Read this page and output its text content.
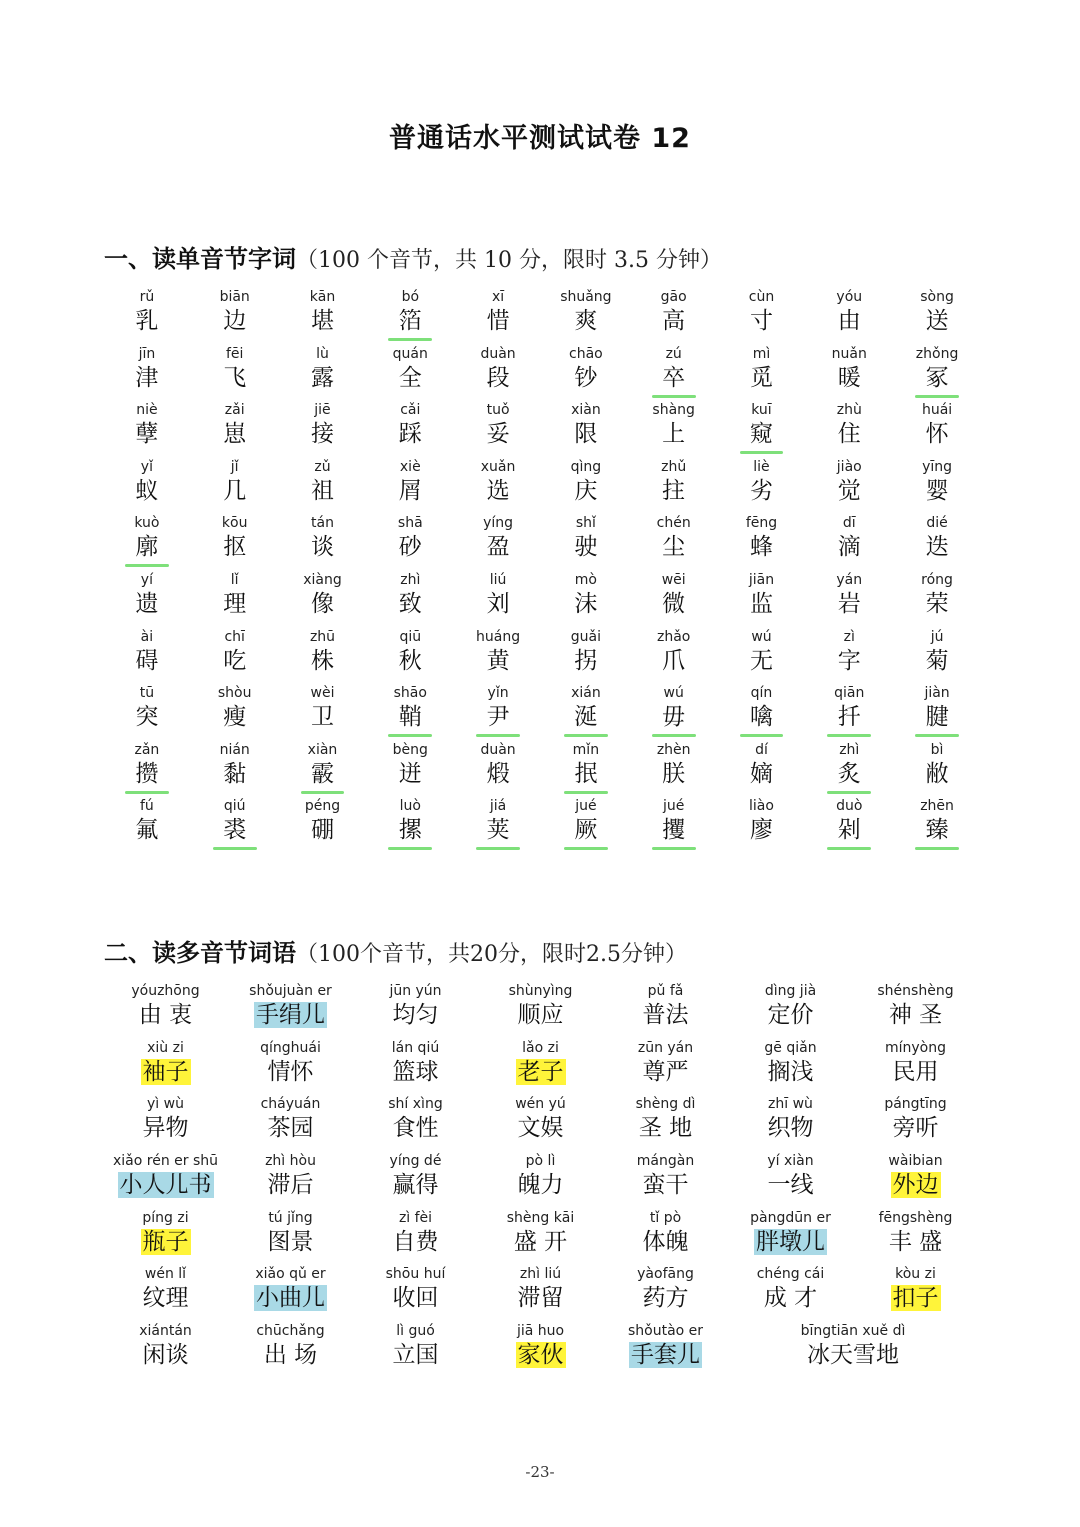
普通话水平测试试卷 12
一、读单音节字词（100 个音节，共 10 分，限时 3.5 分钟）
rǔ
乳
biān
边
kān
堪
bó
箔
xī
惜
shuǎng
爽
gāo
高
cùn
寸
yóu
由
sòng
送
jīn
津
fēi
飞
lù
露
quán
全
duàn
段
chāo
钞
zú
卒
mì
觅
nuǎn
暖
zhǒng
冢
niè
孽
zǎi
崽
jiē
接
cǎi
踩
tuǒ
妥
xiàn
限
shàng
上
kuī
窥
zhù
住
huái
怀
yǐ
蚁
jǐ
几
zǔ
祖
xiè
屑
xuǎn
选
qìng
庆
zhǔ
拄
liè
劣
jiào
觉
yīng
婴
kuò
廓
kōu
抠
tán
谈
shā
砂
yíng
盈
shǐ
驶
chén
尘
fēng
蜂
dī
滴
dié
迭
yí
遗
lǐ
理
xiàng
像
zhì
致
liú
刘
mò
沫
wēi
微
jiān
监
yán
岩
róng
荣
ài
碍
chī
吃
zhū
株
qiū
秋
huáng
黄
guǎi
拐
zhǎo
爪
wú
无
zì
字
jú
菊
tū
突
shòu
瘦
wèi
卫
shāo
鞘
yǐn
尹
xián
涎
wú
毋
qín
噙
qiān
扦
jiàn
腱
zǎn
攒
nián
黏
xiàn
霰
bèng
迸
duàn
煅
mǐn
抿
zhèn
朕
dí
嫡
zhì
炙
bì
敝
fú
氟
qiú
裘
péng
硼
luò
摞
jiá
荚
jué
厥
jué
攫
liào
廖
duò
剁
zhēn
臻
二、读多音节词语（100个音节，共20分，限时2.5分钟）
yóuzhōng
由 衷
shǒujuàn er
手绢儿
jūn yún
均匀
shùnyìng
顺应
pǔ fǎ
普法
dìng jià
定价
shénshèng
神 圣
xiù zi
袖子
qínghuái
情怀
lán qiú
篮球
lǎo zi
老子
zūn yán
尊严
gē qiǎn
搁浅
mínyòng
民用
yì wù
异物
cháyuán
茶园
shí xìng
食性
wén yú
文娱
shèng dì
圣 地
zhī wù
织物
pángtīng
旁听
xiǎo rén er shū
小人儿书
zhì hòu
滞后
yíng dé
赢得
pò lì
魄力
mángàn
蛮干
yí xiàn
一线
wàibian
外边
píng zi
瓶子
tú jǐng
图景
zì fèi
自费
shèng kāi
盛 开
tǐ pò
体魄
pàngdūn er
胖墩儿
fēngshèng
丰 盛
wén lǐ
纹理
xiǎo qǔ er
小曲儿
shōu huí
收回
zhì liú
滞留
yàofāng
药方
chéng cái
成 才
kòu zi
扣子
xiántán
闲谈
chūchǎng
出 场
lì guó
立国
jiā huo
家伙
shǒutào er
手套儿
bīngtiān xuě dì
冰天雪地
-23-
